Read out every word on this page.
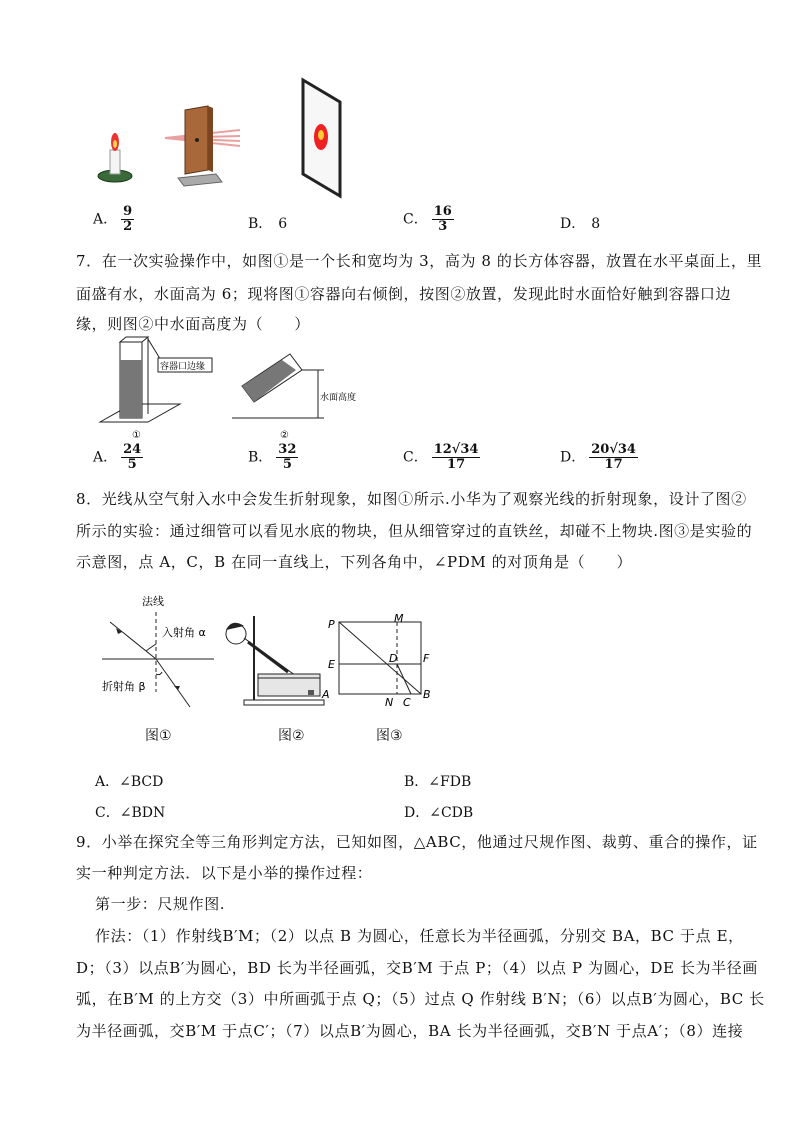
A． $\frac{9}{2}$	B． 6	C． $\frac{16}{3}$	D． 8
7．在一次实验操作中，如图①是一个长和宽均为 3，高为 8 的长方体容器，放置在水平桌面上，里
面盛有水，水面高为 6；现将图①容器向右倾倒，按图②放置，发现此时水面恰好触到容器口边
缘，则图②中水面高度为（　　）
容器口边缘
①
水面高度
②
A． $\frac{24}{5}$	B． $\frac{32}{5}$	C． $\frac{12√34}{17}$	D． $\frac{20√34}{17}$
8．光线从空气射入水中会发生折射现象，如图①所示.小华为了观察光线的折射现象，设计了图②
所示的实验：通过细管可以看见水底的物块，但从细管穿过的直铁丝，却碰不上物块.图③是实验的
示意图，点 A，C，B 在同一直线上，下列各角中，∠PDM 的对顶角是（　　）
法线
入射角 α
折射角 β
A
P	M
E	D F
N C
B
图①	图②	图③
A．∠BCD	B．∠FDB
C．∠BDN	D．∠CDB
9．小举在探究全等三角形判定方法，已知如图，△ABC，他通过尺规作图、裁剪、重合的操作，证
实一种判定方法．以下是小举的操作过程：
第一步：尺规作图.
作法：（1）作射线B′M；（2）以点 B 为圆心，任意长为半径画弧，分别交 BA，BC 于点 E，
D；（3）以点B′为圆心，BD 长为半径画弧，交B′M 于点 P；（4）以点 P 为圆心，DE 长为半径画
弧，在B′M 的上方交（3）中所画弧于点 Q；（5）过点 Q 作射线 B′N；（6）以点B′为圆心，BC 长
为半径画弧，交B′M 于点C′；（7）以点B′为圆心，BA 长为半径画弧，交B′N 于点A′；（8）连接
